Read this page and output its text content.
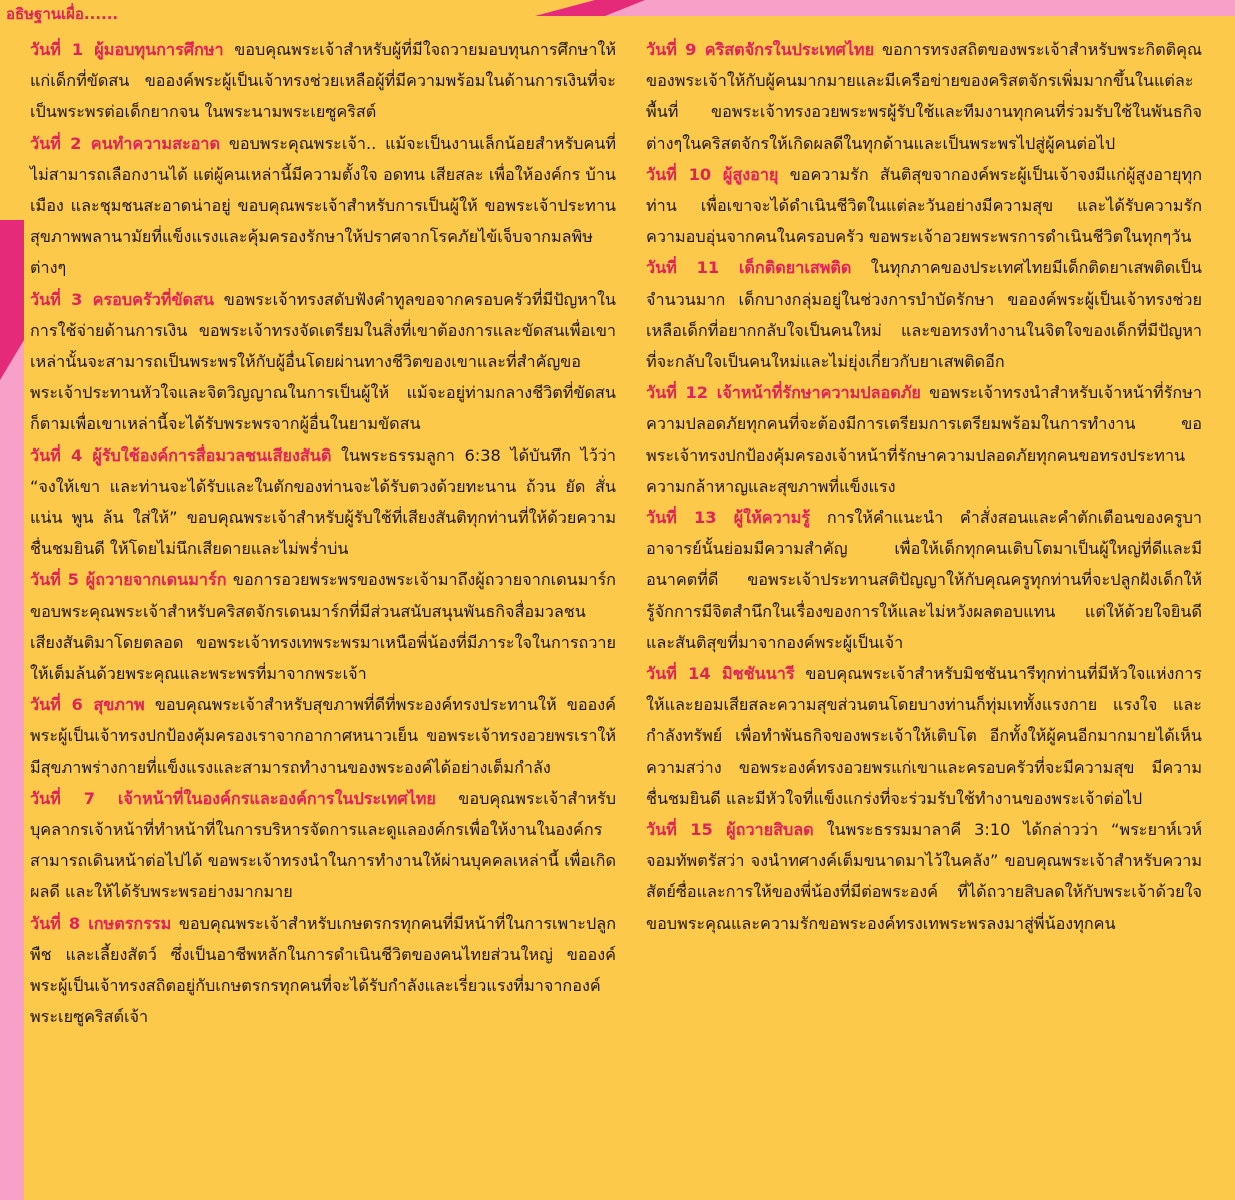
อธิษฐานเผื่อ......

วันที่ 1 ผู้มอบทุนการศึกษา ขอบคุณพระเจ้าสำหรับผู้ที่มีใจถวายมอบทุนการศึกษาให้แก่เด็กที่ขัดสน ขอองค์พระผู้เป็นเจ้าทรงช่วยเหลือผู้ที่มีความพร้อมในด้านการเงินที่จะเป็นพระพรต่อเด็กยากจน ในพระนามพระเยซูคริสต์

วันที่ 2 คนทำความสะอาด ขอบพระคุณพระเจ้า.. แม้จะเป็นงานเล็กน้อยสำหรับคนที่ไม่สามารถเลือกงานได้ แต่ผู้คนเหล่านี้มีความตั้งใจ อดทน เสียสละ เพื่อให้องค์กร บ้านเมือง และชุมชนสะอาดน่าอยู่ ขอบคุณพระเจ้าสำหรับการเป็นผู้ให้ ขอพระเจ้าประทานสุขภาพพลานามัยที่แข็งแรงและคุ้มครองรักษาให้ปราศจากโรคภัยไข้เจ็บจากมลพิษต่างๆ

วันที่ 3 ครอบครัวที่ขัดสน ขอพระเจ้าทรงสดับฟังคำทูลขอจากครอบครัวที่มีปัญหาในการใช้จ่ายด้านการเงิน ขอพระเจ้าทรงจัดเตรียมในสิ่งที่เขาต้องการและขัดสนเพื่อเขาเหล่านั้นจะสามารถเป็นพระพรให้กับผู้อื่นโดยผ่านทางชีวิตของเขาและที่สำคัญขอพระเจ้าประทานหัวใจและจิตวิญญาณในการเป็นผู้ให้ แม้จะอยู่ท่ามกลางชีวิตที่ขัดสนก็ตามเพื่อเขาเหล่านี้จะได้รับพระพรจากผู้อื่นในยามขัดสน

วันที่ 4 ผู้รับใช้องค์การสื่อมวลชนเสียงสันติ ในพระธรรมลูกา 6:38 ได้บันทึก ไว้ว่า “จงให้เขา และท่านจะได้รับและในตักของท่านจะได้รับตวงด้วยทะนาน ถ้วน ยัด สั่น แน่น พูน ล้น ใส่ให้” ขอบคุณพระเจ้าสำหรับผู้รับใช้ที่เสียงสันติทุกท่านที่ให้ด้วยความชื่นชมยินดี ให้โดยไม่นึกเสียดายและไม่พร่ำบ่น

วันที่ 5 ผู้ถวายจากเดนมาร์ก ขอการอวยพระพรของพระเจ้ามาถึงผู้ถวายจากเดนมาร์ก ขอบพระคุณพระเจ้าสำหรับคริสตจักรเดนมาร์กที่มีส่วนสนับสนุนพันธกิจสื่อมวลชนเสียงสันติมาโดยตลอด ขอพระเจ้าทรงเทพระพรมาเหนือพี่น้องที่มีภาระใจในการถวายให้เต็มล้นด้วยพระคุณและพระพรที่มาจากพระเจ้า

วันที่ 6 สุขภาพ ขอบคุณพระเจ้าสำหรับสุขภาพที่ดีที่พระองค์ทรงประทานให้ ขอองค์พระผู้เป็นเจ้าทรงปกป้องคุ้มครองเราจากอากาศหนาวเย็น ขอพระเจ้าทรงอวยพรเราให้มีสุขภาพร่างกายที่แข็งแรงและสามารถทำงานของพระองค์ได้อย่างเต็มกำลัง

วันที่ 7 เจ้าหน้าที่ในองค์กรและองค์การในประเทศไทย ขอบคุณพระเจ้าสำหรับบุคลากรเจ้าหน้าที่ทำหน้าที่ในการบริหารจัดการและดูแลองค์กรเพื่อให้งานในองค์กรสามารถเดินหน้าต่อไปได้ ขอพระเจ้าทรงนำในการทำงานให้ผ่านบุคคลเหล่านี้ เพื่อเกิดผลดี และให้ได้รับพระพรอย่างมากมาย

วันที่ 8 เกษตรกรรม ขอบคุณพระเจ้าสำหรับเกษตรกรทุกคนที่มีหน้าที่ในการเพาะปลูกพืช และเลี้ยงสัตว์ ซึ่งเป็นอาชีพหลักในการดำเนินชีวิตของคนไทยส่วนใหญ่ ขอองค์พระผู้เป็นเจ้าทรงสถิตอยู่กับเกษตรกรทุกคนที่จะได้รับกำลังและเรี่ยวแรงที่มาจากองค์พระเยซูคริสต์เจ้า

วันที่ 9 คริสตจักรในประเทศไทย ขอการทรงสถิตของพระเจ้าสำหรับพระกิตติคุณของพระเจ้าให้กับผู้คนมากมายและมีเครือข่ายของคริสตจักรเพิ่มมากขึ้นในแต่ละพื้นที่ ขอพระเจ้าทรงอวยพระพรผู้รับใช้และทีมงานทุกคนที่ร่วมรับใช้ในพันธกิจต่างๆในคริสตจักรให้เกิดผลดีในทุกด้านและเป็นพระพรไปสู่ผู้คนต่อไป

วันที่ 10 ผู้สูงอายุ ขอความรัก สันติสุขจากองค์พระผู้เป็นเจ้าจงมีแก่ผู้สูงอายุทุกท่าน เพื่อเขาจะได้ดำเนินชีวิตในแต่ละวันอย่างมีความสุข และได้รับความรัก ความอบอุ่นจากคนในครอบครัว ขอพระเจ้าอวยพระพรการดำเนินชีวิตในทุกๆวัน

วันที่ 11 เด็กติดยาเสพติด ในทุกภาคของประเทศไทยมีเด็กติดยาเสพติดเป็นจำนวนมาก เด็กบางกลุ่มอยู่ในช่วงการบำบัดรักษา ขอองค์พระผู้เป็นเจ้าทรงช่วยเหลือเด็กที่อยากกลับใจเป็นคนใหม่ และขอทรงทำงานในจิตใจของเด็กที่มีปัญหา ที่จะกลับใจเป็นคนใหม่และไม่ยุ่งเกี่ยวกับยาเสพติดอีก

วันที่ 12 เจ้าหน้าที่รักษาความปลอดภัย ขอพระเจ้าทรงนำสำหรับเจ้าหน้าที่รักษาความปลอดภัยทุกคนที่จะต้องมีการเตรียมการเตรียมพร้อมในการทำงาน ขอพระเจ้าทรงปกป้องคุ้มครองเจ้าหน้าที่รักษาความปลอดภัยทุกคนขอทรงประทานความกล้าหาญและสุขภาพที่แข็งแรง

วันที่ 13 ผู้ให้ความรู้ การให้คำแนะนำ คำสั่งสอนและคำตักเตือนของครูบาอาจารย์นั้นย่อมมีความสำคัญ เพื่อให้เด็กทุกคนเติบโตมาเป็นผู้ใหญ่ที่ดีและมีอนาคตที่ดี ขอพระเจ้าประทานสติปัญญาให้กับคุณครูทุกท่านที่จะปลูกฝังเด็กให้รู้จักการมีจิตสำนึกในเรื่องของการให้และไม่หวังผลตอบแทน แต่ให้ด้วยใจยินดีและสันติสุขที่มาจากองค์พระผู้เป็นเจ้า

วันที่ 14 มิชชันนารี ขอบคุณพระเจ้าสำหรับมิชชันนารีทุกท่านที่มีหัวใจแห่งการให้และยอมเสียสละความสุขส่วนตนโดยบางท่านก็ทุ่มเททั้งแรงกาย แรงใจ และกำลังทรัพย์ เพื่อทำพันธกิจของพระเจ้าให้เติบโต อีกทั้งให้ผู้คนอีกมากมายได้เห็นความสว่าง ขอพระองค์ทรงอวยพรแก่เขาและครอบครัวที่จะมีความสุข มีความชื่นชมยินดี และมีหัวใจที่แข็งแกร่งที่จะร่วมรับใช้ทำงานของพระเจ้าต่อไป

วันที่ 15 ผู้ถวายสิบลด ในพระธรรมมาลาคี 3:10 ได้กล่าวว่า “พระยาห์เวห์จอมทัพตรัสว่า จงนำทศางค์เต็มขนาดมาไว้ในคลัง” ขอบคุณพระเจ้าสำหรับความสัตย์ซื่อและการให้ของพี่น้องที่มีต่อพระองค์ ที่ได้ถวายสิบลดให้กับพระเจ้าด้วยใจขอบพระคุณและความรักขอพระองค์ทรงเทพระพรลงมาสู่พี่น้องทุกคน
